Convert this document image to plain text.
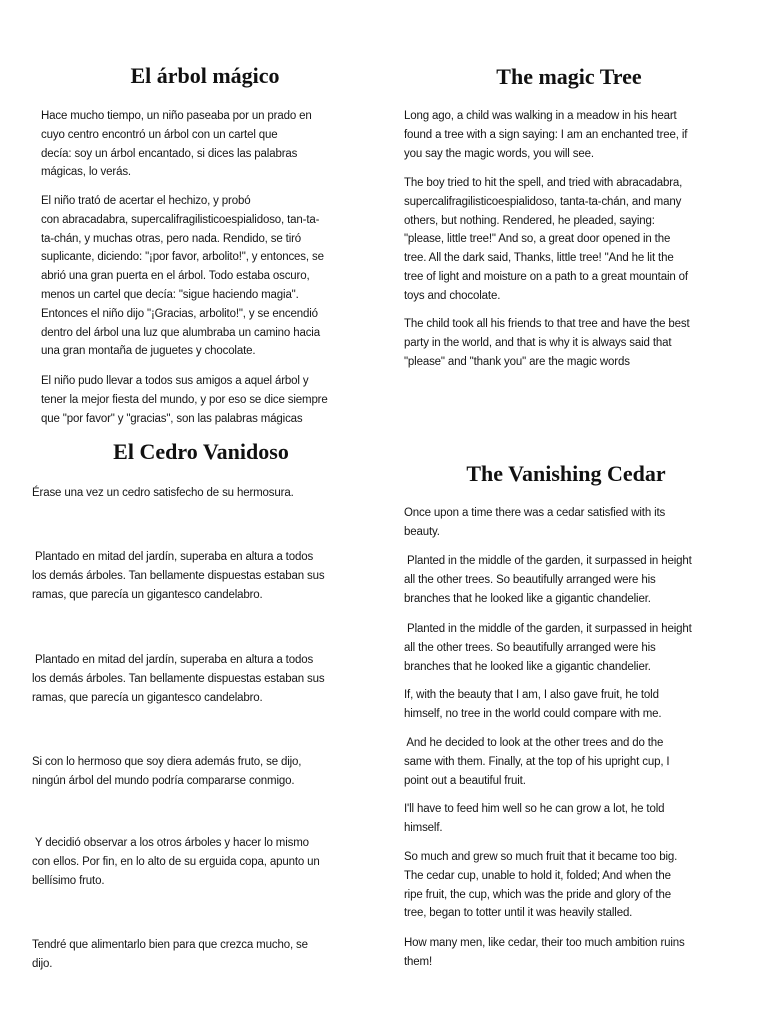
El árbol mágico
Hace mucho tiempo, un niño paseaba por un prado en
cuyo centro encontró un árbol con un cartel que
decía: soy un árbol encantado, si dices las palabras
mágicas, lo verás.
El niño trató de acertar el hechizo, y probó
con abracadabra, supercalifragilisticoespialidoso, tan-ta-
ta-chán, y muchas otras, pero nada. Rendido, se tiró
suplicante, diciendo: "¡por favor, arbolito!", y entonces, se
abrió una gran puerta en el árbol. Todo estaba oscuro,
menos un cartel que decía: "sigue haciendo magia".
Entonces el niño dijo "¡Gracias, arbolito!", y se encendió
dentro del árbol una luz que alumbraba un camino hacia
una gran montaña de juguetes y chocolate.
El niño pudo llevar a todos sus amigos a aquel árbol y
tener la mejor fiesta del mundo, y por eso se dice siempre
que "por favor" y "gracias", son las palabras mágicas
El Cedro Vanidoso
Érase una vez un cedro satisfecho de su hermosura.
Plantado en mitad del jardín, superaba en altura a todos
los demás árboles. Tan bellamente dispuestas estaban sus
ramas, que parecía un gigantesco candelabro.
Plantado en mitad del jardín, superaba en altura a todos
los demás árboles. Tan bellamente dispuestas estaban sus
ramas, que parecía un gigantesco candelabro.
Si con lo hermoso que soy diera además fruto, se dijo,
ningún árbol del mundo podría compararse conmigo.
Y decidió observar a los otros árboles y hacer lo mismo
con ellos. Por fin, en lo alto de su erguida copa, apunto un
bellísimo fruto.
Tendré que alimentarlo bien para que crezca mucho, se
dijo.
The magic Tree
Long ago, a child was walking in a meadow in his heart
found a tree with a sign saying: I am an enchanted tree, if
you say the magic words, you will see.
The boy tried to hit the spell, and tried with abracadabra,
supercalifragilisticoespialidoso, tanta-ta-chán, and many
others, but nothing. Rendered, he pleaded, saying:
"please, little tree!" And so, a great door opened in the
tree. All the dark said, Thanks, little tree! "And he lit the
tree of light and moisture on a path to a great mountain of
toys and chocolate.
The child took all his friends to that tree and have the best
party in the world, and that is why it is always said that
"please" and "thank you" are the magic words
The Vanishing Cedar
Once upon a time there was a cedar satisfied with its
beauty.
Planted in the middle of the garden, it surpassed in height
all the other trees. So beautifully arranged were his
branches that he looked like a gigantic chandelier.
Planted in the middle of the garden, it surpassed in height
all the other trees. So beautifully arranged were his
branches that he looked like a gigantic chandelier.
If, with the beauty that I am, I also gave fruit, he told
himself, no tree in the world could compare with me.
And he decided to look at the other trees and do the
same with them. Finally, at the top of his upright cup, I
point out a beautiful fruit.
I'll have to feed him well so he can grow a lot, he told
himself.
So much and grew so much fruit that it became too big.
The cedar cup, unable to hold it, folded; And when the
ripe fruit, the cup, which was the pride and glory of the
tree, began to totter until it was heavily stalled.
How many men, like cedar, their too much ambition ruins
them!
